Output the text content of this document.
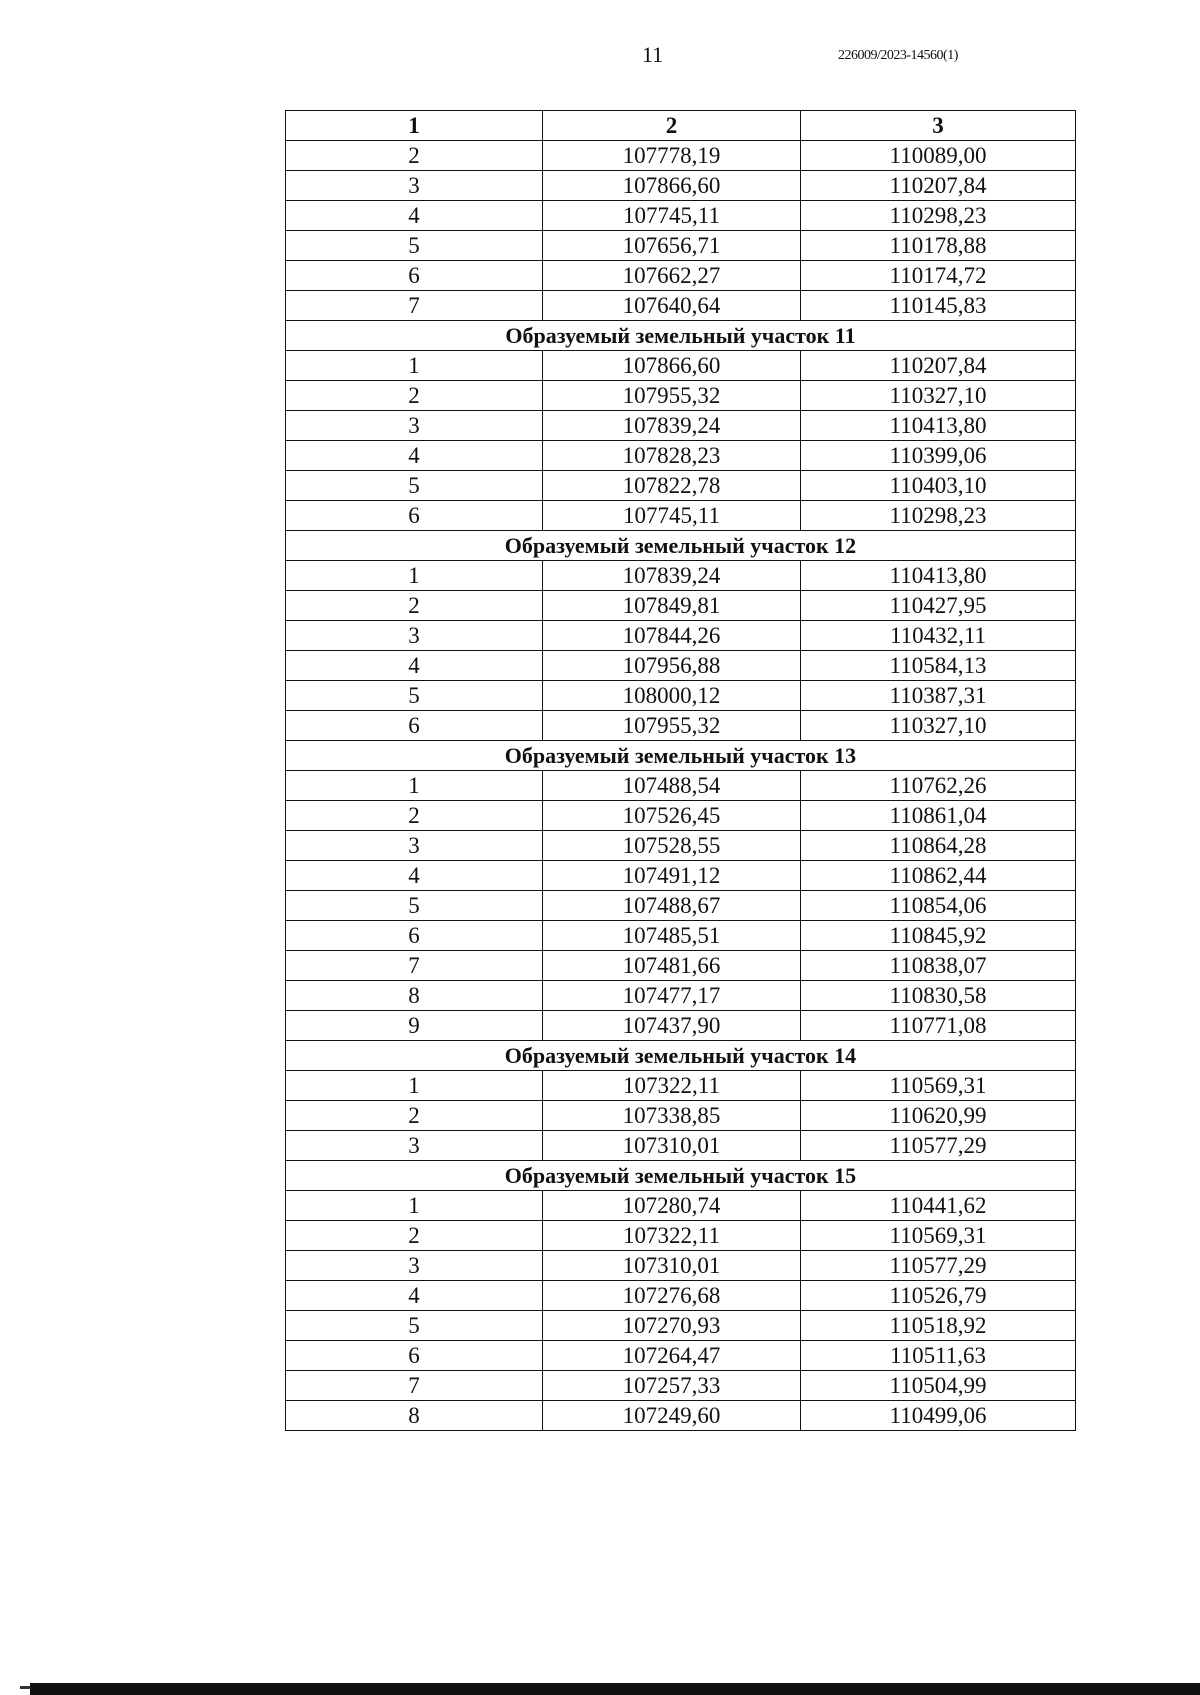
11	226009/2023-14560(1)
1	2	3
2	107778,19	110089,00
3	107866,60	110207,84
4	107745,11	110298,23
5	107656,71	110178,88
6	107662,27	110174,72
7	107640,64	110145,83
Образуемый земельный участок 11		
1	107866,60	110207,84
2	107955,32	110327,10
3	107839,24	110413,80
4	107828,23	110399,06
5	107822,78	110403,10
6	107745,11	110298,23
Образуемый земельный участок 12		
1	107839,24	110413,80
2	107849,81	110427,95
3	107844,26	110432,11
4	107956,88	110584,13
5	108000,12	110387,31
6	107955,32	110327,10
Образуемый земельный участок 13		
1	107488,54	110762,26
2	107526,45	110861,04
3	107528,55	110864,28
4	107491,12	110862,44
5	107488,67	110854,06
6	107485,51	110845,92
7	107481,66	110838,07
8	107477,17	110830,58
9	107437,90	110771,08
Образуемый земельный участок 14		
1	107322,11	110569,31
2	107338,85	110620,99
3	107310,01	110577,29
Образуемый земельный участок 15		
1	107280,74	110441,62
2	107322,11	110569,31
3	107310,01	110577,29
4	107276,68	110526,79
5	107270,93	110518,92
6	107264,47	110511,63
7	107257,33	110504,99
8	107249,60	110499,06
